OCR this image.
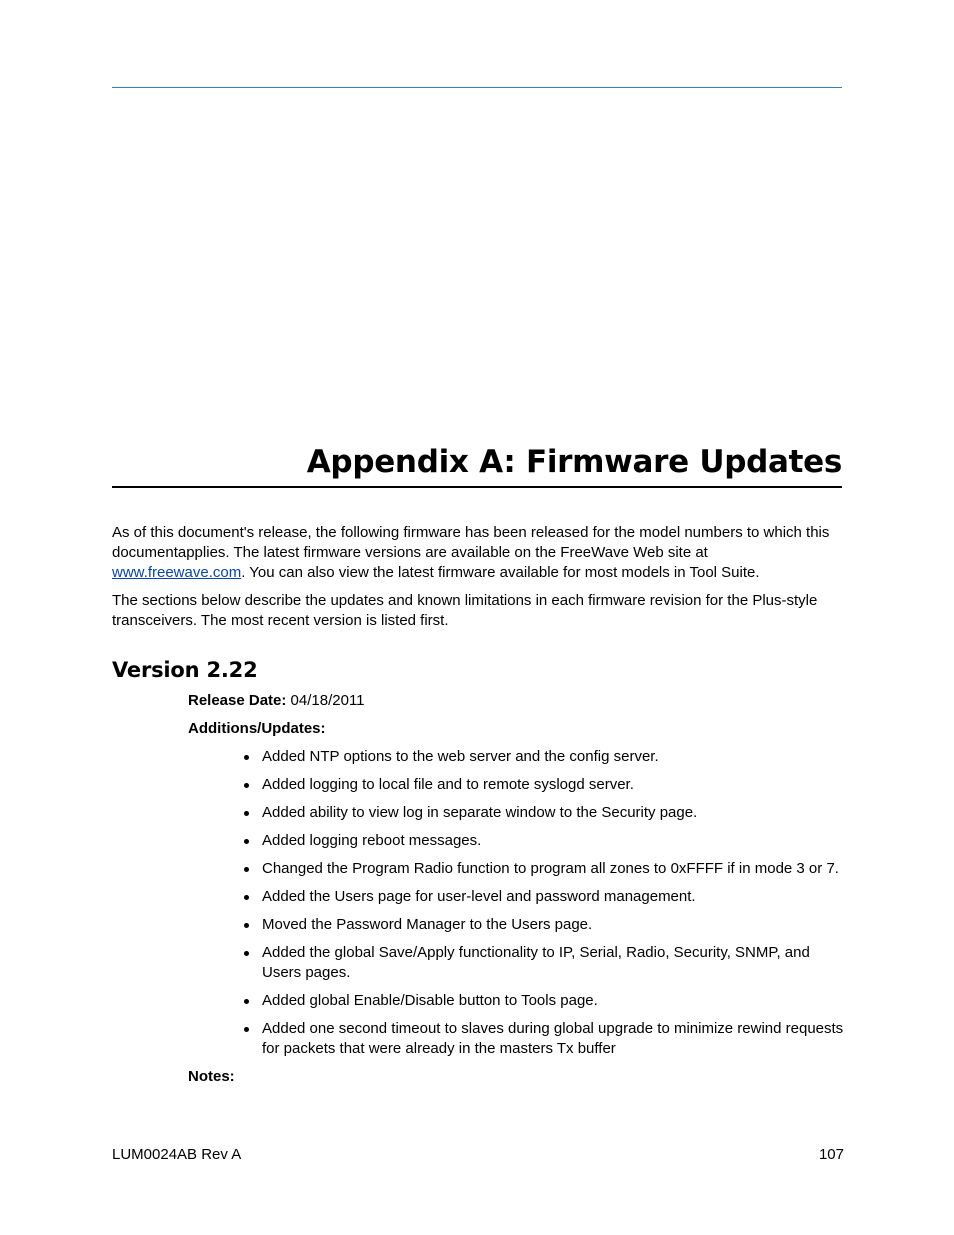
Appendix A: Firmware Updates

As of this document's release, the following firmware has been released for the model numbers to which this documentapplies. The latest firmware versions are available on the FreeWave Web site at www.freewave.com. You can also view the latest firmware available for most models in Tool Suite.

The sections below describe the updates and known limitations in each firmware revision for the Plus-style transceivers. The most recent version is listed first.

Version 2.22
Release Date: 04/18/2011
Additions/Updates:
Added NTP options to the web server and the config server.
Added logging to local file and to remote syslogd server.
Added ability to view log in separate window to the Security page.
Added logging reboot messages.
Changed the Program Radio function to program all zones to 0xFFFF if in mode 3 or 7.
Added the Users page for user-level and password management.
Moved the Password Manager to the Users page.
Added the global Save/Apply functionality to IP, Serial, Radio, Security, SNMP, and Users pages.
Added global Enable/Disable button to Tools page.
Added one second timeout to slaves during global upgrade to minimize rewind requests for packets that were already in the masters Tx buffer
Notes:
LUM0024AB Rev A	107
